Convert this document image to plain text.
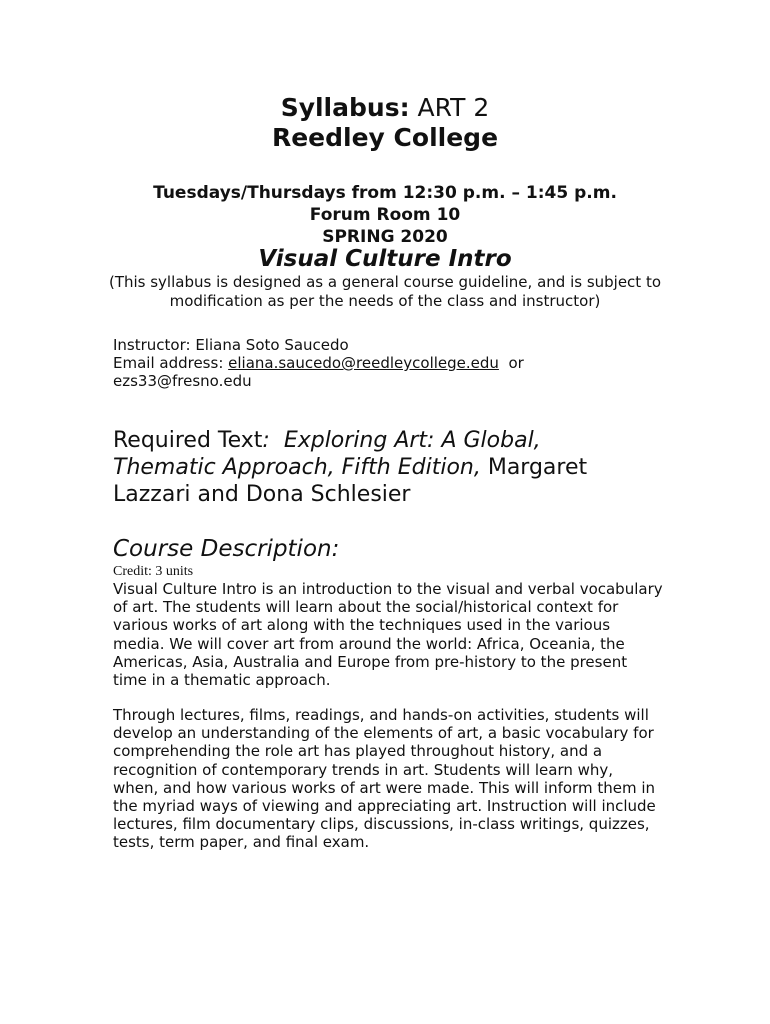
Syllabus: ART 2
Reedley College
Tuesdays/Thursdays from 12:30 p.m. – 1:45 p.m.
Forum Room 10
SPRING 2020
Visual Culture Intro
(This syllabus is designed as a general course guideline, and is subject to modification as per the needs of the class and instructor)
Instructor: Eliana Soto Saucedo
Email address: eliana.saucedo@reedleycollege.edu  or
ezs33@fresno.edu
Required Text:  Exploring Art: A Global, Thematic Approach, Fifth Edition, Margaret Lazzari and Dona Schlesier
Course Description:
Credit: 3 units
Visual Culture Intro is an introduction to the visual and verbal vocabulary of art. The students will learn about the social/historical context for various works of art along with the techniques used in the various media. We will cover art from around the world: Africa, Oceania, the Americas, Asia, Australia and Europe from pre-history to the present time in a thematic approach.
Through lectures, films, readings, and hands-on activities, students will develop an understanding of the elements of art, a basic vocabulary for comprehending the role art has played throughout history, and a recognition of contemporary trends in art. Students will learn why, when, and how various works of art were made. This will inform them in the myriad ways of viewing and appreciating art. Instruction will include lectures, film documentary clips, discussions, in-class writings, quizzes, tests, term paper, and final exam.
